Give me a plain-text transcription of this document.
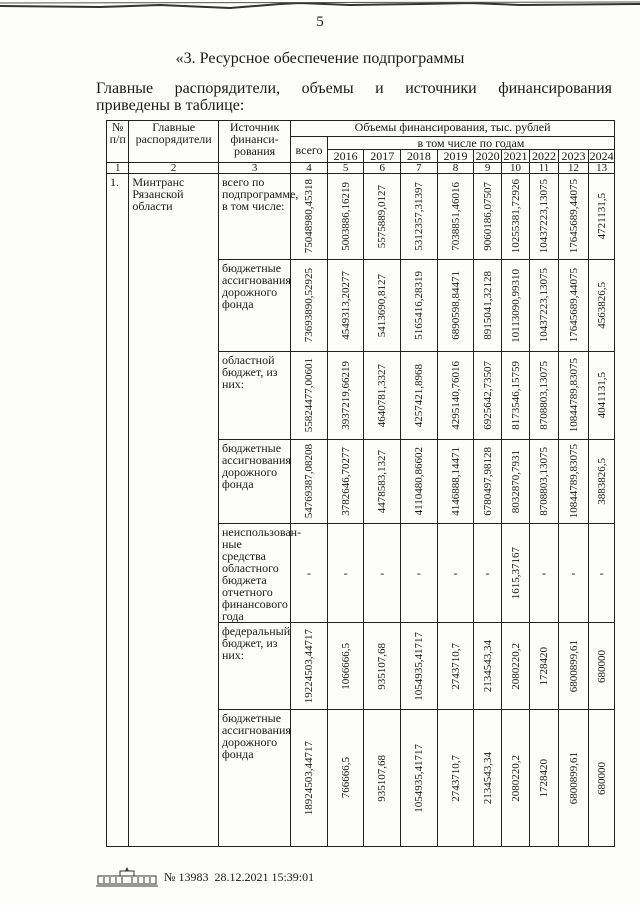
5
«3. Ресурсное обеспечение подпрограммы
Главные распорядители, объемы и источники финансирования
приведены в таблице:
№ п/п	Главные распорядители	Источник финанси-рования	Объемы финансирования, тыс. рублей									
			всего	в том числе по годам								
				2016	2017	2018	2019	2020	2021	2022	2023	2024
1	2	3	4	5	6	7	8	9	10	11	12	13
1.	Минтранс Рязанской области	всего по подпрограмме, в том числе:	75048980,45318	5003886,16219	5575889,0127	5312357,31397	7038851,46016	9060186,07507	10255381,72926	10437223,13075	17645689,44075	4721131,5

		бюджетные ассигнования дорожного фонда	73693890,52925	4549313,20277	5413690,8127	5165416,28319	6890598,84471	8915041,32128	10113090,99310	10437223,13075	17645689,44075	4563826,5

		областной бюджет, из них:	55824477,00601	3937219,66219	4640781,3327	4257421,8968	4295140,76016	6925642,73507	8173546,15759	8708803,13075	10844789,83075	4041131,5

		бюджетные ассигнования дорожного фонда	54769387,08208	3782646,70277	4478583,1327	4110480,86602	4146888,14471	6780497,98128	8032870,7931	8708803,13075	10844789,83075	3883826,5

		неиспользован-ные средства областного бюджета отчетного финансового года	-	-	-	-	-	-	1615,37167	-	-	-
		федеральный бюджет, из них:	19224503,44717	1066666,5	935107,68	1054935,41717	2743710,7	2134543,34	2080220,2	1728420	6800899,61	680000

		бюджетные ассигнования дорожного фонда	18924503,44717	766666,5	935107,68	1054935,41717	2743710,7	2134543,34	2080220,2	1728420	6800899,61	680000
№ 13983 28.12.2021 15:39:01
